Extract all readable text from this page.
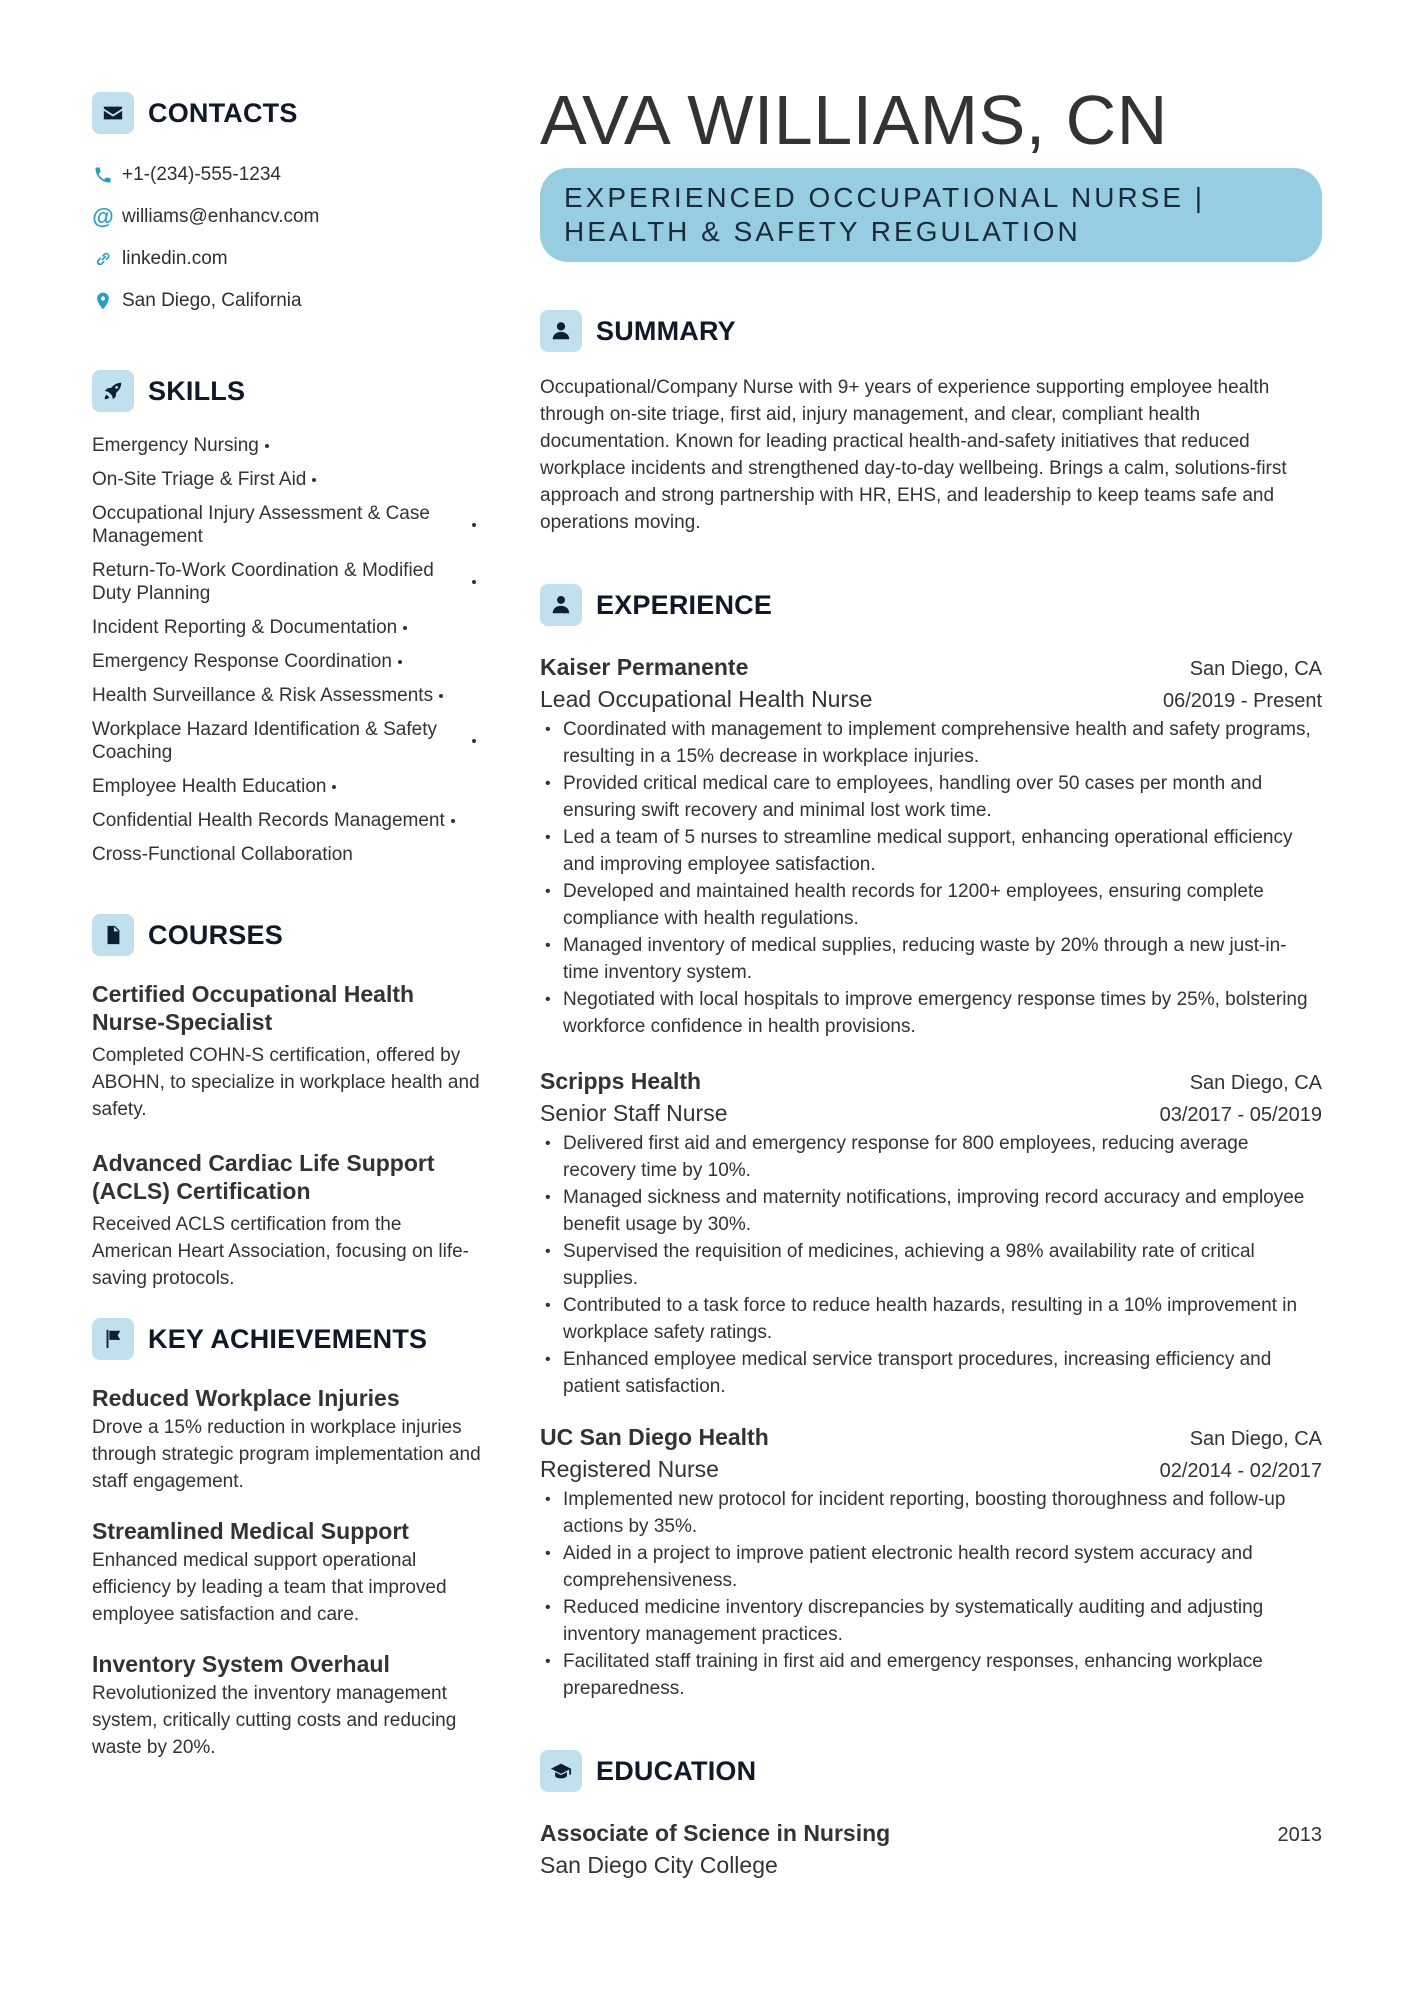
CONTACTS
+1-(234)-555-1234
@ williams@enhancv.com
linkedin.com
San Diego, California
SKILLS
Emergency Nursing
On-Site Triage & First Aid
Occupational Injury Assessment & Case Management
Return-To-Work Coordination & Modified Duty Planning
Incident Reporting & Documentation
Emergency Response Coordination
Health Surveillance & Risk Assessments
Workplace Hazard Identification & Safety Coaching
Employee Health Education
Confidential Health Records Management
Cross-Functional Collaboration
COURSES
Certified Occupational Health Nurse-Specialist
Completed COHN-S certification, offered by ABOHN, to specialize in workplace health and safety.
Advanced Cardiac Life Support (ACLS) Certification
Received ACLS certification from the American Heart Association, focusing on life-saving protocols.
KEY ACHIEVEMENTS
Reduced Workplace Injuries
Drove a 15% reduction in workplace injuries through strategic program implementation and staff engagement.
Streamlined Medical Support
Enhanced medical support operational efficiency by leading a team that improved employee satisfaction and care.
Inventory System Overhaul
Revolutionized the inventory management system, critically cutting costs and reducing waste by 20%.
AVA WILLIAMS, CN
EXPERIENCED OCCUPATIONAL NURSE | HEALTH & SAFETY REGULATION
SUMMARY
Occupational/Company Nurse with 9+ years of experience supporting employee health through on-site triage, first aid, injury management, and clear, compliant health documentation. Known for leading practical health-and-safety initiatives that reduced workplace incidents and strengthened day-to-day wellbeing. Brings a calm, solutions-first approach and strong partnership with HR, EHS, and leadership to keep teams safe and operations moving.
EXPERIENCE
Kaiser Permanente	San Diego, CA
Lead Occupational Health Nurse	06/2019 - Present
• Coordinated with management to implement comprehensive health and safety programs, resulting in a 15% decrease in workplace injuries.
• Provided critical medical care to employees, handling over 50 cases per month and ensuring swift recovery and minimal lost work time.
• Led a team of 5 nurses to streamline medical support, enhancing operational efficiency and improving employee satisfaction.
• Developed and maintained health records for 1200+ employees, ensuring complete compliance with health regulations.
• Managed inventory of medical supplies, reducing waste by 20% through a new just-in-time inventory system.
• Negotiated with local hospitals to improve emergency response times by 25%, bolstering workforce confidence in health provisions.
Scripps Health	San Diego, CA
Senior Staff Nurse	03/2017 - 05/2019
• Delivered first aid and emergency response for 800 employees, reducing average recovery time by 10%.
• Managed sickness and maternity notifications, improving record accuracy and employee benefit usage by 30%.
• Supervised the requisition of medicines, achieving a 98% availability rate of critical supplies.
• Contributed to a task force to reduce health hazards, resulting in a 10% improvement in workplace safety ratings.
• Enhanced employee medical service transport procedures, increasing efficiency and patient satisfaction.
UC San Diego Health	San Diego, CA
Registered Nurse	02/2014 - 02/2017
• Implemented new protocol for incident reporting, boosting thoroughness and follow-up actions by 35%.
• Aided in a project to improve patient electronic health record system accuracy and comprehensiveness.
• Reduced medicine inventory discrepancies by systematically auditing and adjusting inventory management practices.
• Facilitated staff training in first aid and emergency responses, enhancing workplace preparedness.
EDUCATION
Associate of Science in Nursing	2013
San Diego City College
